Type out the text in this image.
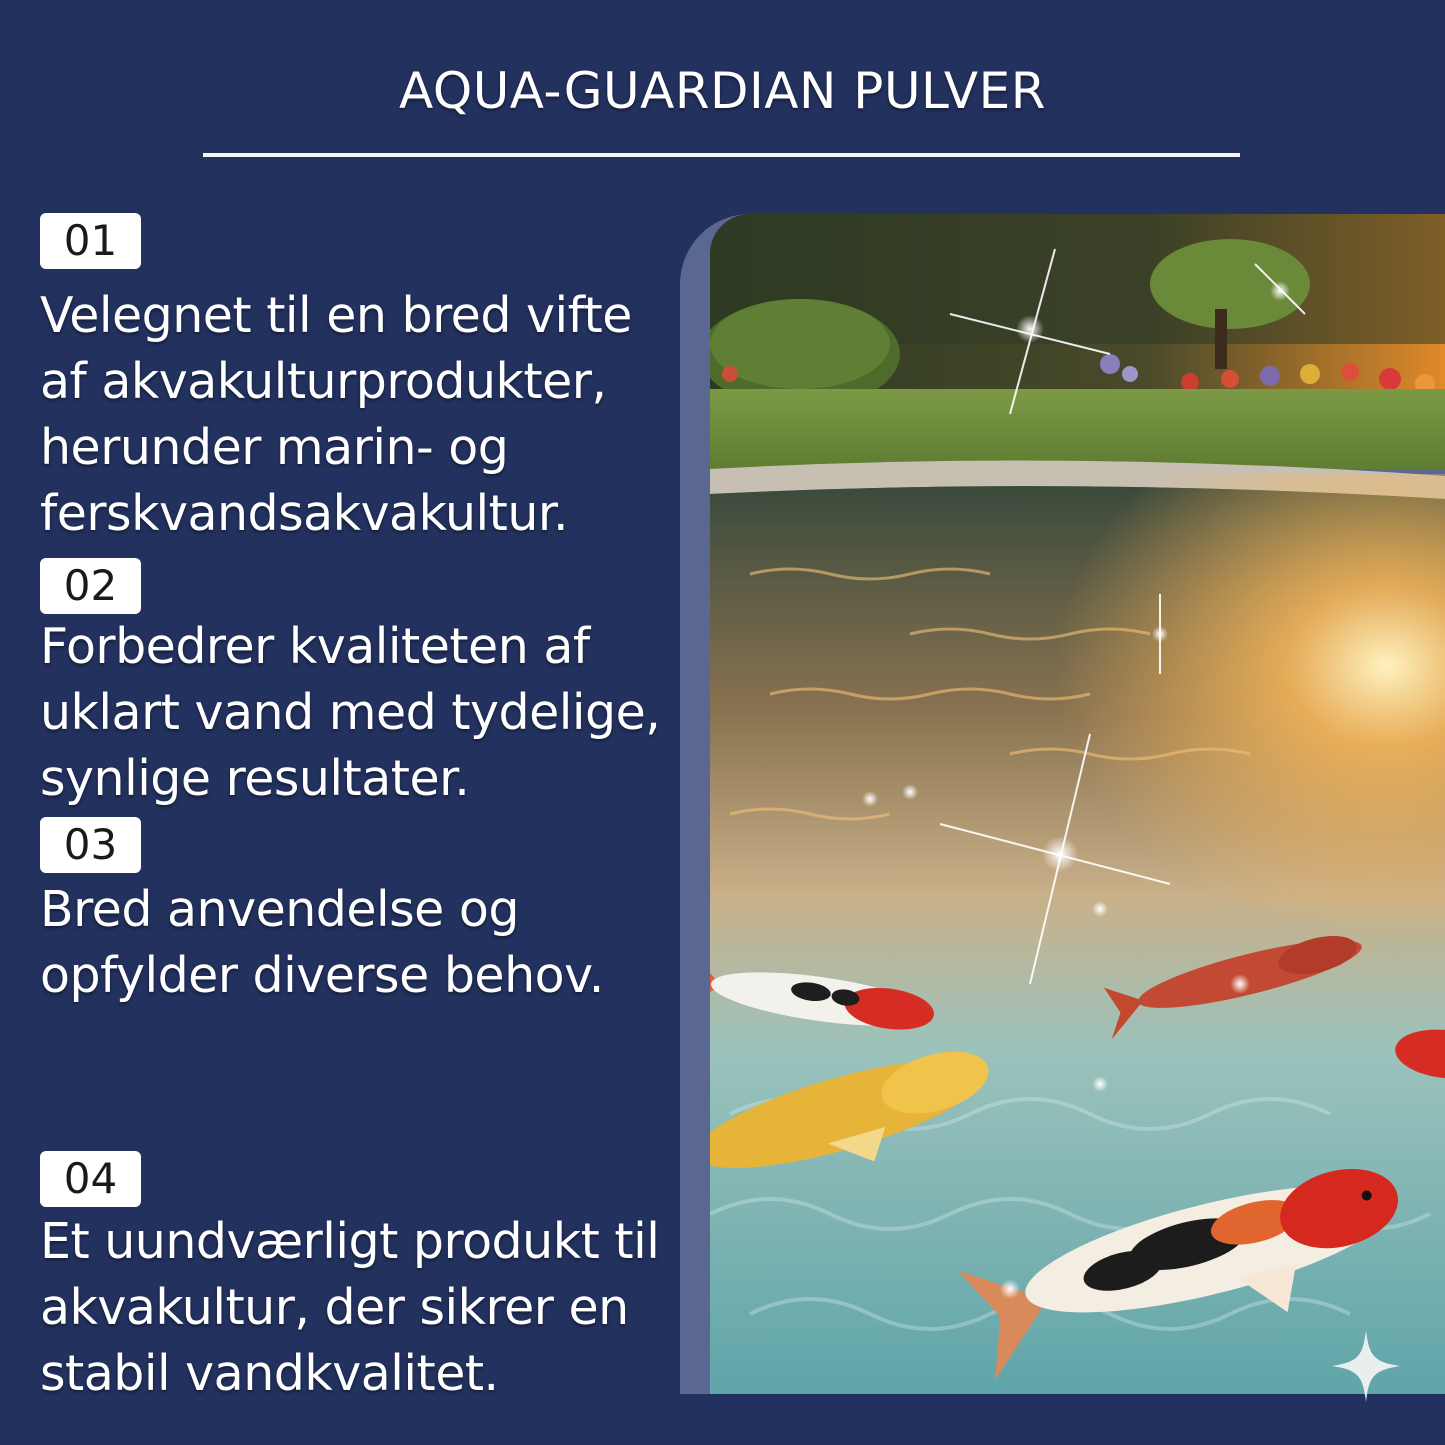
AQUA-GUARDIAN PULVER
01
Velegnet til en bred vifte af akvakulturprodukter, herunder marin- og ferskvandsakvakultur.
02
Forbedrer kvaliteten af uklart vand med tydelige, synlige resultater.
03
Bred anvendelse og opfylder diverse behov.
04
Et uundværligt produkt til akvakultur, der sikrer en stabil vandkvalitet.
